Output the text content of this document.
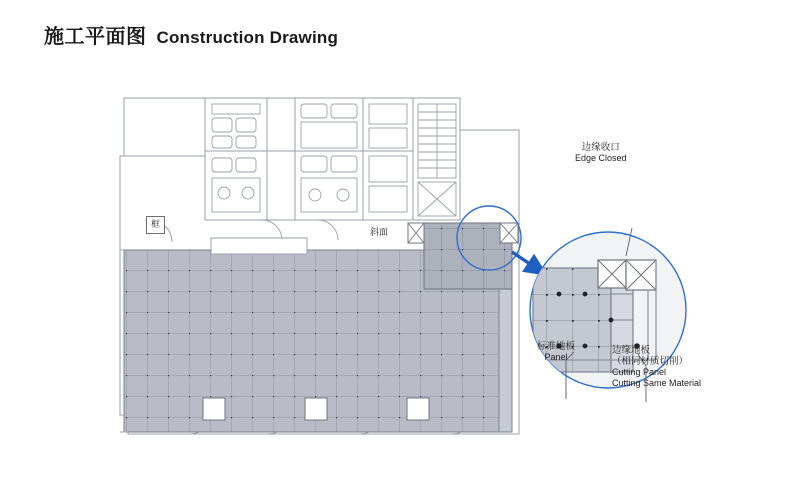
施工平面图 Construction Drawing
框
斜面
边缘收口
Edge Closed
标准地板
Panel
边缘地板
（相同材质切削）
Cutting Panel
Cutting Same Material
